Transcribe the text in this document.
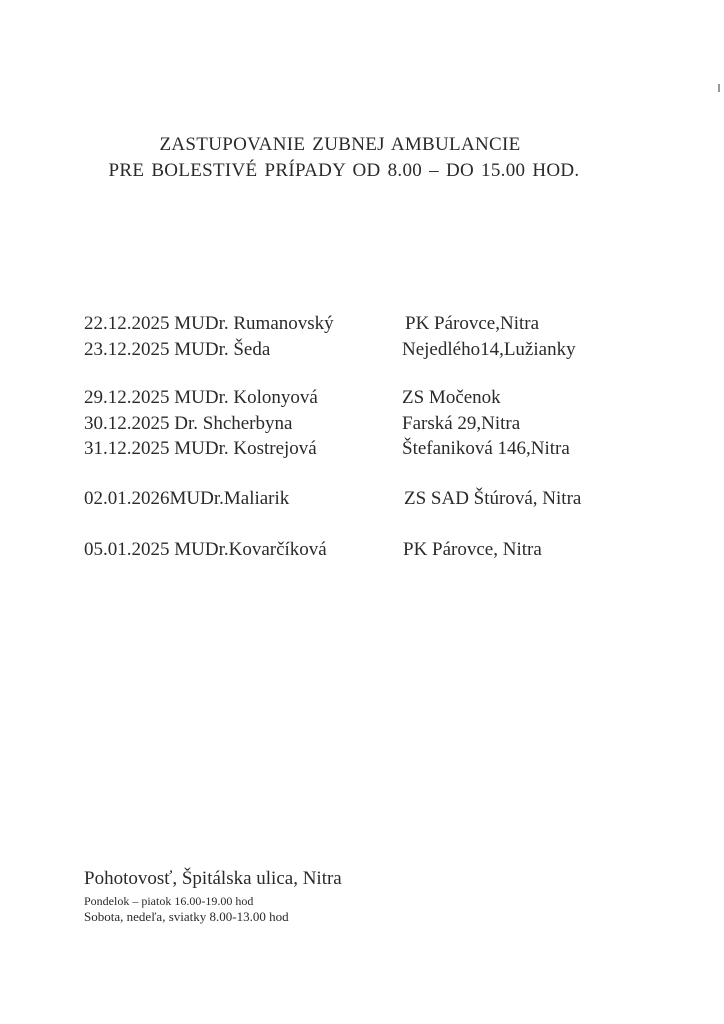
ZASTUPOVANIE ZUBNEJ AMBULANCIE
PRE BOLESTIVÉ PRÍPADY OD 8.00 – DO 15.00 HOD.
22.12.2025 MUDr. Rumanovský	PK Párovce,Nitra
23.12.2025 MUDr. Šeda	Nejedlého14,Lužianky
29.12.2025 MUDr. Kolonyová	ZS Močenok
30.12.2025 Dr. Shcherbyna	Farská 29,Nitra
31.12.2025 MUDr. Kostrejová	Štefaniková 146,Nitra
02.01.2026MUDr.Maliarik	ZS SAD Štúrová, Nitra
05.01.2025 MUDr.Kovarčíková	PK Párovce, Nitra
Pohotovosť, Špitálska ulica, Nitra
Pondelok – piatok 16.00-19.00 hod
Sobota, nedeľa, sviatky 8.00-13.00 hod
